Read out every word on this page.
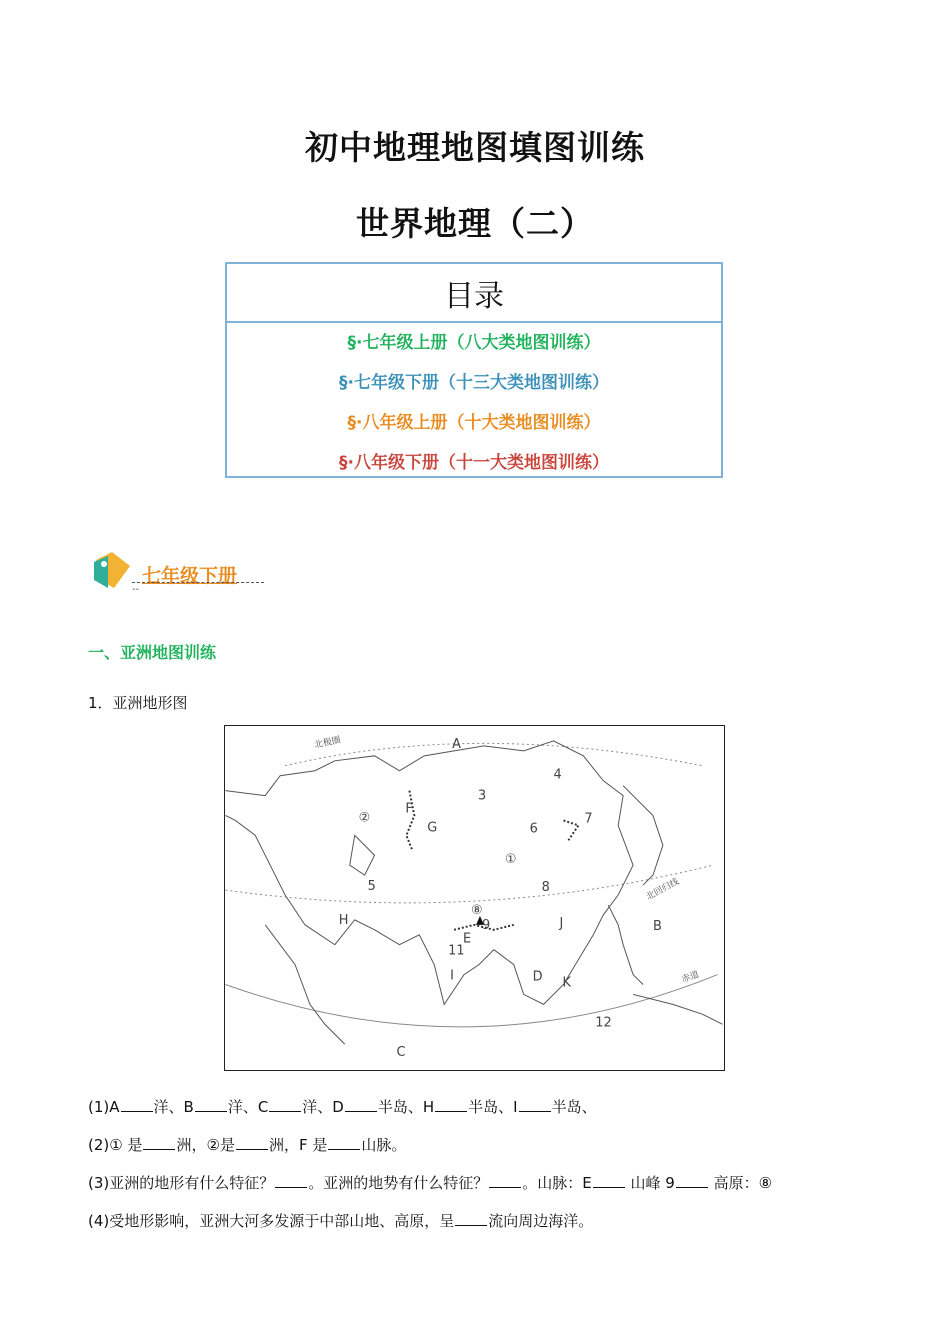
初中地理地图填图训练
世界地理（二）
目录
§·七年级上册（八大类地图训练）
§·七年级下册（十三大类地图训练）
§·八年级上册（十大类地图训练）
§·八年级下册（十一大类地图训练）
七年级下册
--
一、亚洲地图训练
1．亚洲地形图
北极圈
北回归线
赤道
A
B
C
D
E
F
G
H
I
J
K
①
②
3
4
5
6
7
8
⑧
9
11
12
(1)A 洋、B 洋、C 洋、D 半岛、H 半岛、I 半岛、
(2)① 是 洲，②是 洲，F 是 山脉。
(3)亚洲的地形有什么特征？ 。亚洲的地势有什么特征？ 。山脉：E 山峰 9 高原：⑧
(4)受地形影响，亚洲大河多发源于中部山地、高原，呈 流向周边海洋。
